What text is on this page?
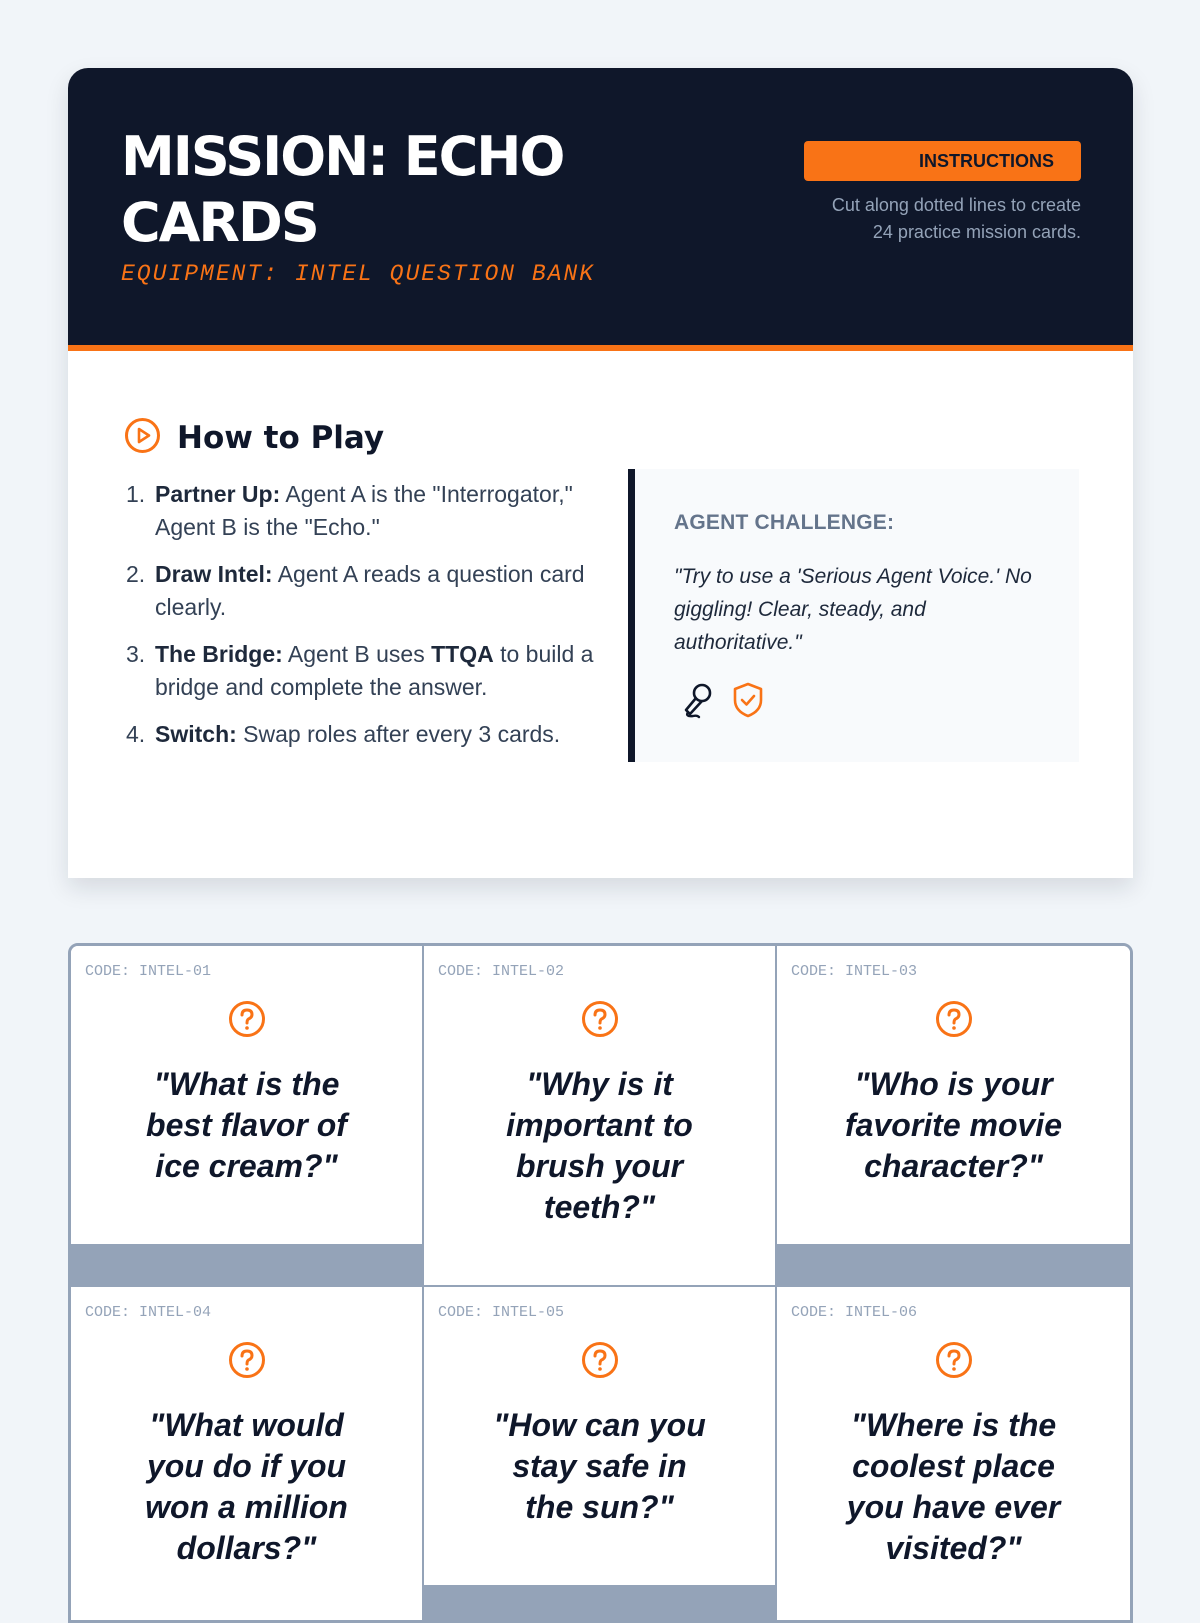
MISSION: ECHO CARDS
EQUIPMENT: INTEL QUESTION BANK
INSTRUCTIONS
Cut along dotted lines to create 24 practice mission cards.
How to Play
1. Partner Up: Agent A is the "Interrogator," Agent B is the "Echo."
2. Draw Intel: Agent A reads a question card clearly.
3. The Bridge: Agent B uses TTQA to build a bridge and complete the answer.
4. Switch: Swap roles after every 3 cards.
AGENT CHALLENGE:

"Try to use a 'Serious Agent Voice.' No giggling! Clear, steady, and authoritative."

CODE: INTEL-01
"What is the best flavor of ice cream?"
CODE: INTEL-02
"Why is it important to brush your teeth?"
CODE: INTEL-03
"Who is your favorite movie character?"
CODE: INTEL-04
"What would you do if you won a million dollars?"
CODE: INTEL-05
"How can you stay safe in the sun?"
CODE: INTEL-06
"Where is the coolest place you have ever visited?"
